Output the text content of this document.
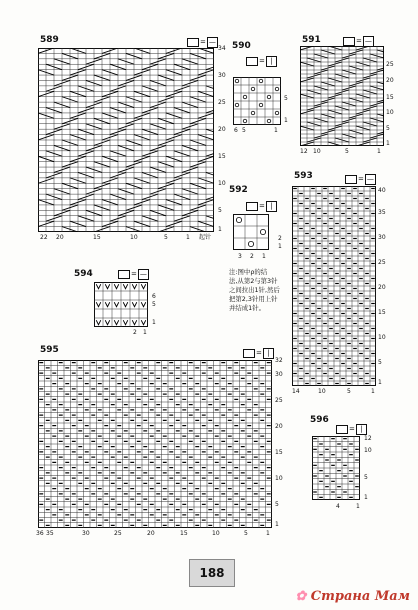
589	= —
34
30
25
20
15
10
5
1
22 20	15	10	5	1 起针
590
= |
5
1
6 5	1
591	= —
25
20
15
10
5
1
12 10	5	1
592
= |
2
1
3 2 1
注:图中ρ的结
法,从第2与第3针
之间拉出1针,然后
把第2,3针用上针
并结成1针。
593	= —
40
35
30
25
20
15
10
5
1
14	10	5	1
594	= —
6
5
1
2 1
595	= |
32
30
25
20
15
10
5
1
36 35	30	25	20	15	10	5	1
596
= |
12
10
5
1
4	1
188
✿ Страна Мам
